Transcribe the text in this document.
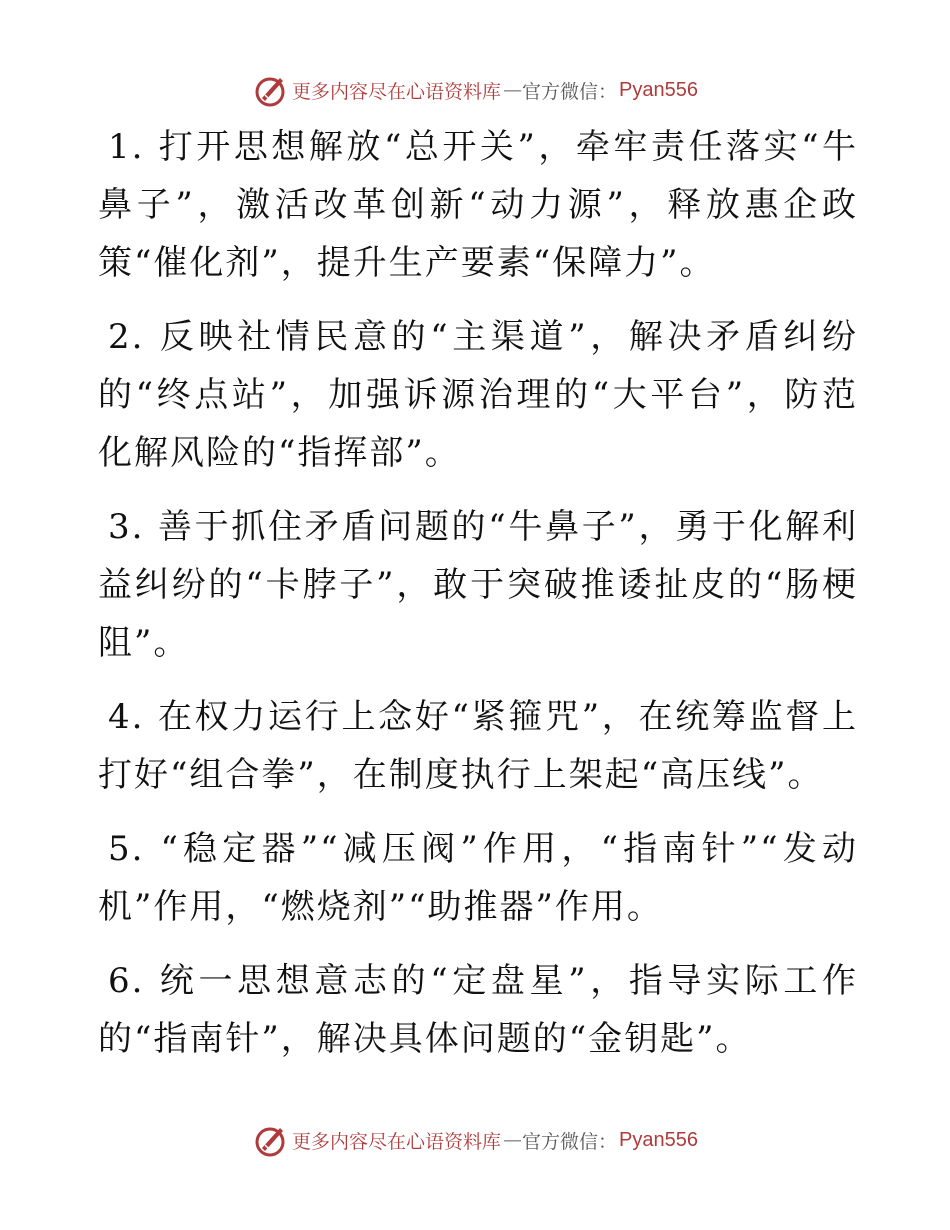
更多内容尽在心语资料库 — 官方微信： Pyan556

1. 打开思想解放“总开关”，牵牢责任落实“牛鼻子”，激活改革创新“动力源”，释放惠企政策“催化剂”，提升生产要素“保障力”。

2. 反映社情民意的“主渠道”，解决矛盾纠纷的“终点站”，加强诉源治理的“大平台”，防范化解风险的“指挥部”。

3. 善于抓住矛盾问题的“牛鼻子”，勇于化解利益纠纷的“卡脖子”，敢于突破推诿扯皮的“肠梗阻”。

4. 在权力运行上念好“紧箍咒”，在统筹监督上打好“组合拳”，在制度执行上架起“高压线”。

5. “稳定器”“减压阀”作用，“指南针”“发动机”作用，“燃烧剂”“助推器”作用。

6. 统一思想意志的“定盘星”，指导实际工作的“指南针”，解决具体问题的“金钥匙”。

更多内容尽在心语资料库 — 官方微信： Pyan556
